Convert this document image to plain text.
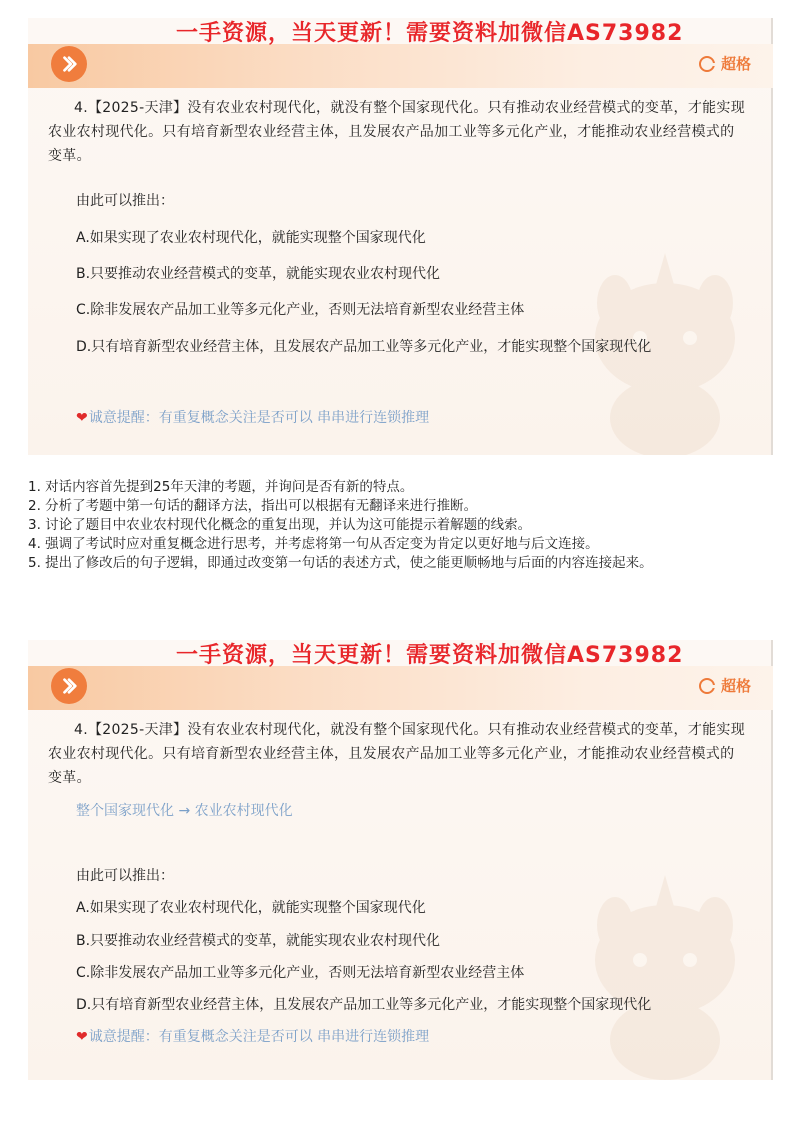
一手资源，当天更新！需要资料加微信AS73982
超格
4.【2025-天津】没有农业农村现代化，就没有整个国家现代化。只有推动农业经营模式的变革，才能实现农业农村现代化。只有培育新型农业经营主体，且发展农产品加工业等多元化产业，才能推动农业经营模式的变革。
由此可以推出：
A.如果实现了农业农村现代化，就能实现整个国家现代化
B.只要推动农业经营模式的变革，就能实现农业农村现代化
C.除非发展农产品加工业等多元化产业，否则无法培育新型农业经营主体
D.只有培育新型农业经营主体，且发展农产品加工业等多元化产业，才能实现整个国家现代化
❤诚意提醒：有重复概念关注是否可以 串串进行连锁推理
1. 对话内容首先提到25年天津的考题，并询问是否有新的特点。
2. 分析了考题中第一句话的翻译方法，指出可以根据有无翻译来进行推断。
3. 讨论了题目中农业农村现代化概念的重复出现，并认为这可能提示着解题的线索。
4. 强调了考试时应对重复概念进行思考，并考虑将第一句从否定变为肯定以更好地与后文连接。
5. 提出了修改后的句子逻辑，即通过改变第一句话的表述方式，使之能更顺畅地与后面的内容连接起来。
一手资源，当天更新！需要资料加微信AS73982
超格
4.【2025-天津】没有农业农村现代化，就没有整个国家现代化。只有推动农业经营模式的变革，才能实现农业农村现代化。只有培育新型农业经营主体，且发展农产品加工业等多元化产业，才能推动农业经营模式的变革。
整个国家现代化 → 农业农村现代化
由此可以推出：
A.如果实现了农业农村现代化，就能实现整个国家现代化
B.只要推动农业经营模式的变革，就能实现农业农村现代化
C.除非发展农产品加工业等多元化产业，否则无法培育新型农业经营主体
D.只有培育新型农业经营主体，且发展农产品加工业等多元化产业，才能实现整个国家现代化
❤诚意提醒：有重复概念关注是否可以 串串进行连锁推理
